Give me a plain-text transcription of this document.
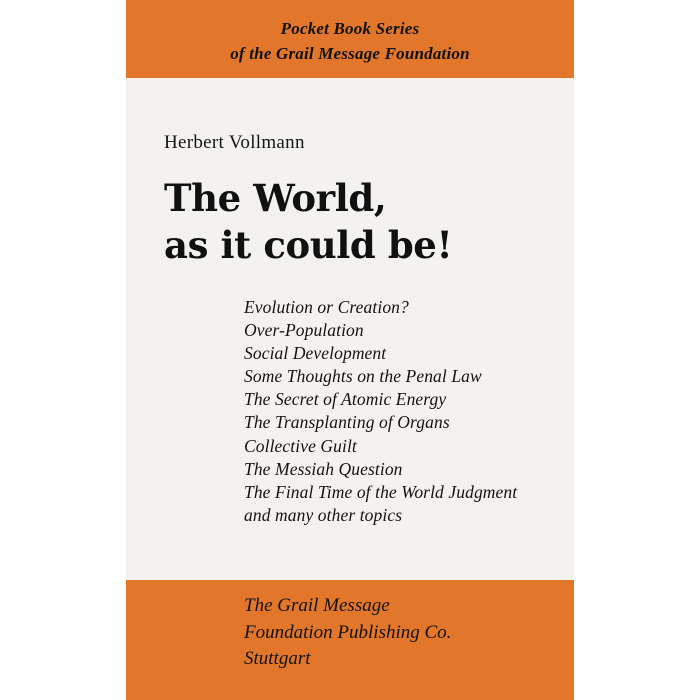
Pocket Book Series
of the Grail Message Foundation
Herbert Vollmann
The World,
as it could be!
Evolution or Creation?
Over-Population
Social Development
Some Thoughts on the Penal Law
The Secret of Atomic Energy
The Transplanting of Organs
Collective Guilt
The Messiah Question
The Final Time of the World Judgment
and many other topics
The Grail Message
Foundation Publishing Co.
Stuttgart
